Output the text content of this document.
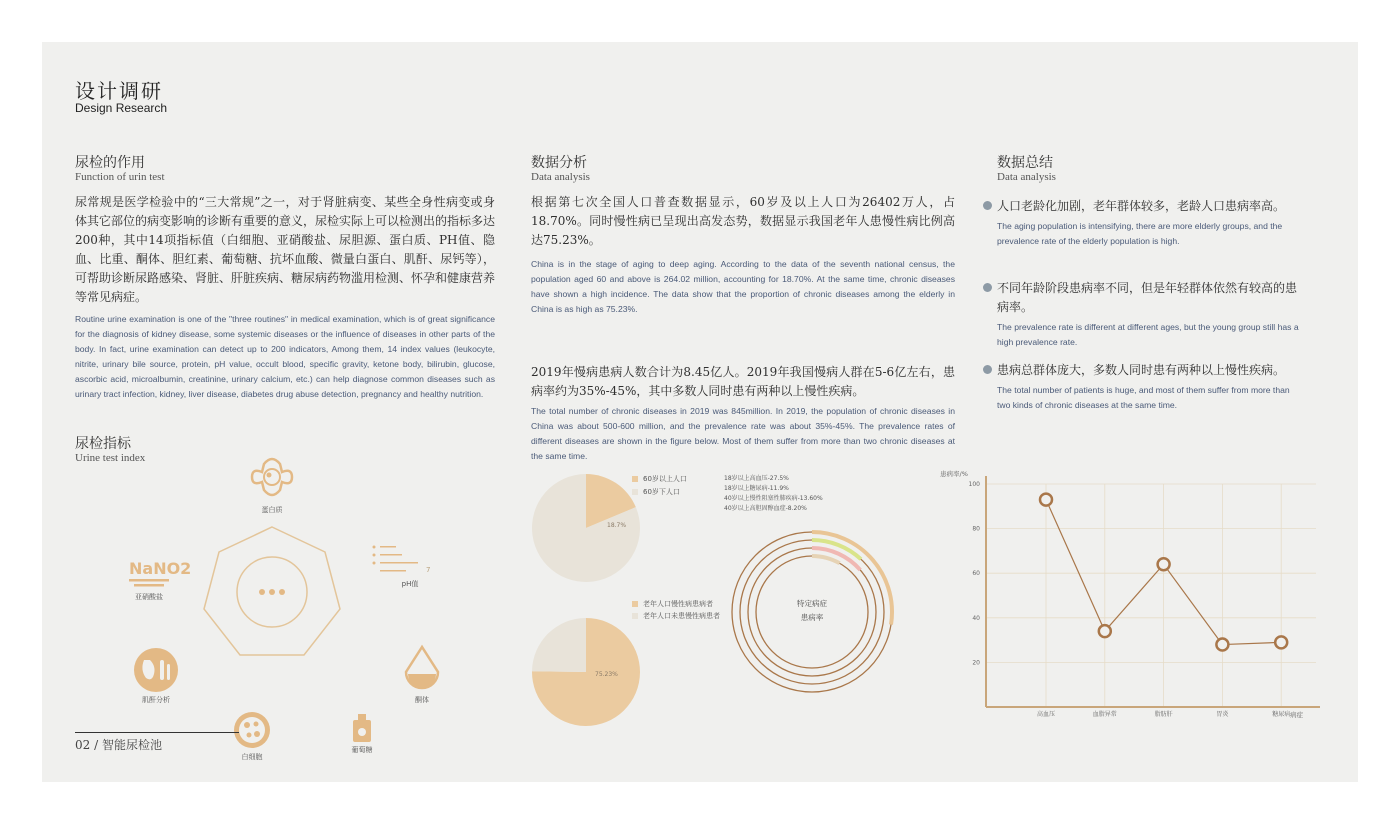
设计调研
Design Research
尿检的作用
Function of urin test
尿常规是医学检验中的“三大常规”之一，对于肾脏病变、某些全身性病变或身体其它部位的病变影响的诊断有重要的意义，尿检实际上可以检测出的指标多达200种，其中14项指标值（白细胞、亚硝酸盐、尿胆源、蛋白质、PH值、隐血、比重、酮体、胆红素、葡萄糖、抗坏血酸、微量白蛋白、肌酐、尿钙等），可帮助诊断尿路感染、肾脏、肝脏疾病、糖尿病药物滥用检测、怀孕和健康营养等常见病症。
Routine urine examination is one of the "three routines" in medical examination, which is of great significance for the diagnosis of kidney disease, some systemic diseases or the influence of diseases in other parts of the body. In fact, urine examination can detect up to 200 indicators, Among them, 14 index values (leukocyte, nitrite, urinary bile source, protein, pH value, occult blood, specific gravity, ketone body, bilirubin, glucose, ascorbic acid, microalbumin, creatinine, urinary calcium, etc.) can help diagnose common diseases such as urinary tract infection, kidney, liver disease, diabetes drug abuse detection, pregnancy and healthy nutrition.
尿检指标
Urine test index
蛋白质
NaNO2
亚硝酸盐
7
pH值
酮体
葡萄糖
白细胞
肌酐分析
02 / 智能尿检池
数据分析
Data analysis
根据第七次全国人口普查数据显示，60岁及以上人口为26402万人，占18.70%。同时慢性病已呈现出高发态势，数据显示我国老年人患慢性病比例高达75.23%。
China is in the stage of aging to deep aging. According to the data of the seventh national census, the population aged 60 and above is 264.02 million, accounting for 18.70%. At the same time, chronic diseases have shown a high incidence. The data show that the proportion of chronic diseases among the elderly in China is as high as 75.23%.
2019年慢病患病人数合计为8.45亿人。2019年我国慢病人群在5-6亿左右，患病率约为35%-45%，其中多数人同时患有两种以上慢性疾病。
The total number of chronic diseases in 2019 was 845million. In 2019, the population of chronic diseases in China was about 500-600 million, and the prevalence rate was about 35%-45%. The prevalence rates of different diseases are shown in the figure below. Most of them suffer from more than two chronic diseases at the same time.
18.7%
60岁以上人口
60岁下人口
老年人口慢性病患病者
老年人口未患慢性病患者
75.23%
18岁以上高血压-27.5%
18岁以上糖尿病-11.9%
40岁以上慢性阻塞性肺疾病-13.60%
40岁以上高胆固醇血症-8.20%
特定病症
患病率
数据总结
Data analysis
人口老龄化加剧，老年群体较多，老龄人口患病率高。
The aging population is intensifying, there are more elderly groups, and the prevalence rate of the elderly population is high.
不同年龄阶段患病率不同，但是年轻群体依然有较高的患病率。
The prevalence rate is different at different ages, but the young group still has a high prevalence rate.
患病总群体庞大，多数人同时患有两种以上慢性疾病。
The total number of patients is huge, and most of them suffer from more than two kinds of chronic diseases at the same time.
患病率/%
病症
20
40
60
80
100
高血压	血脂异常	脂肪肝	胃炎	糖尿病
